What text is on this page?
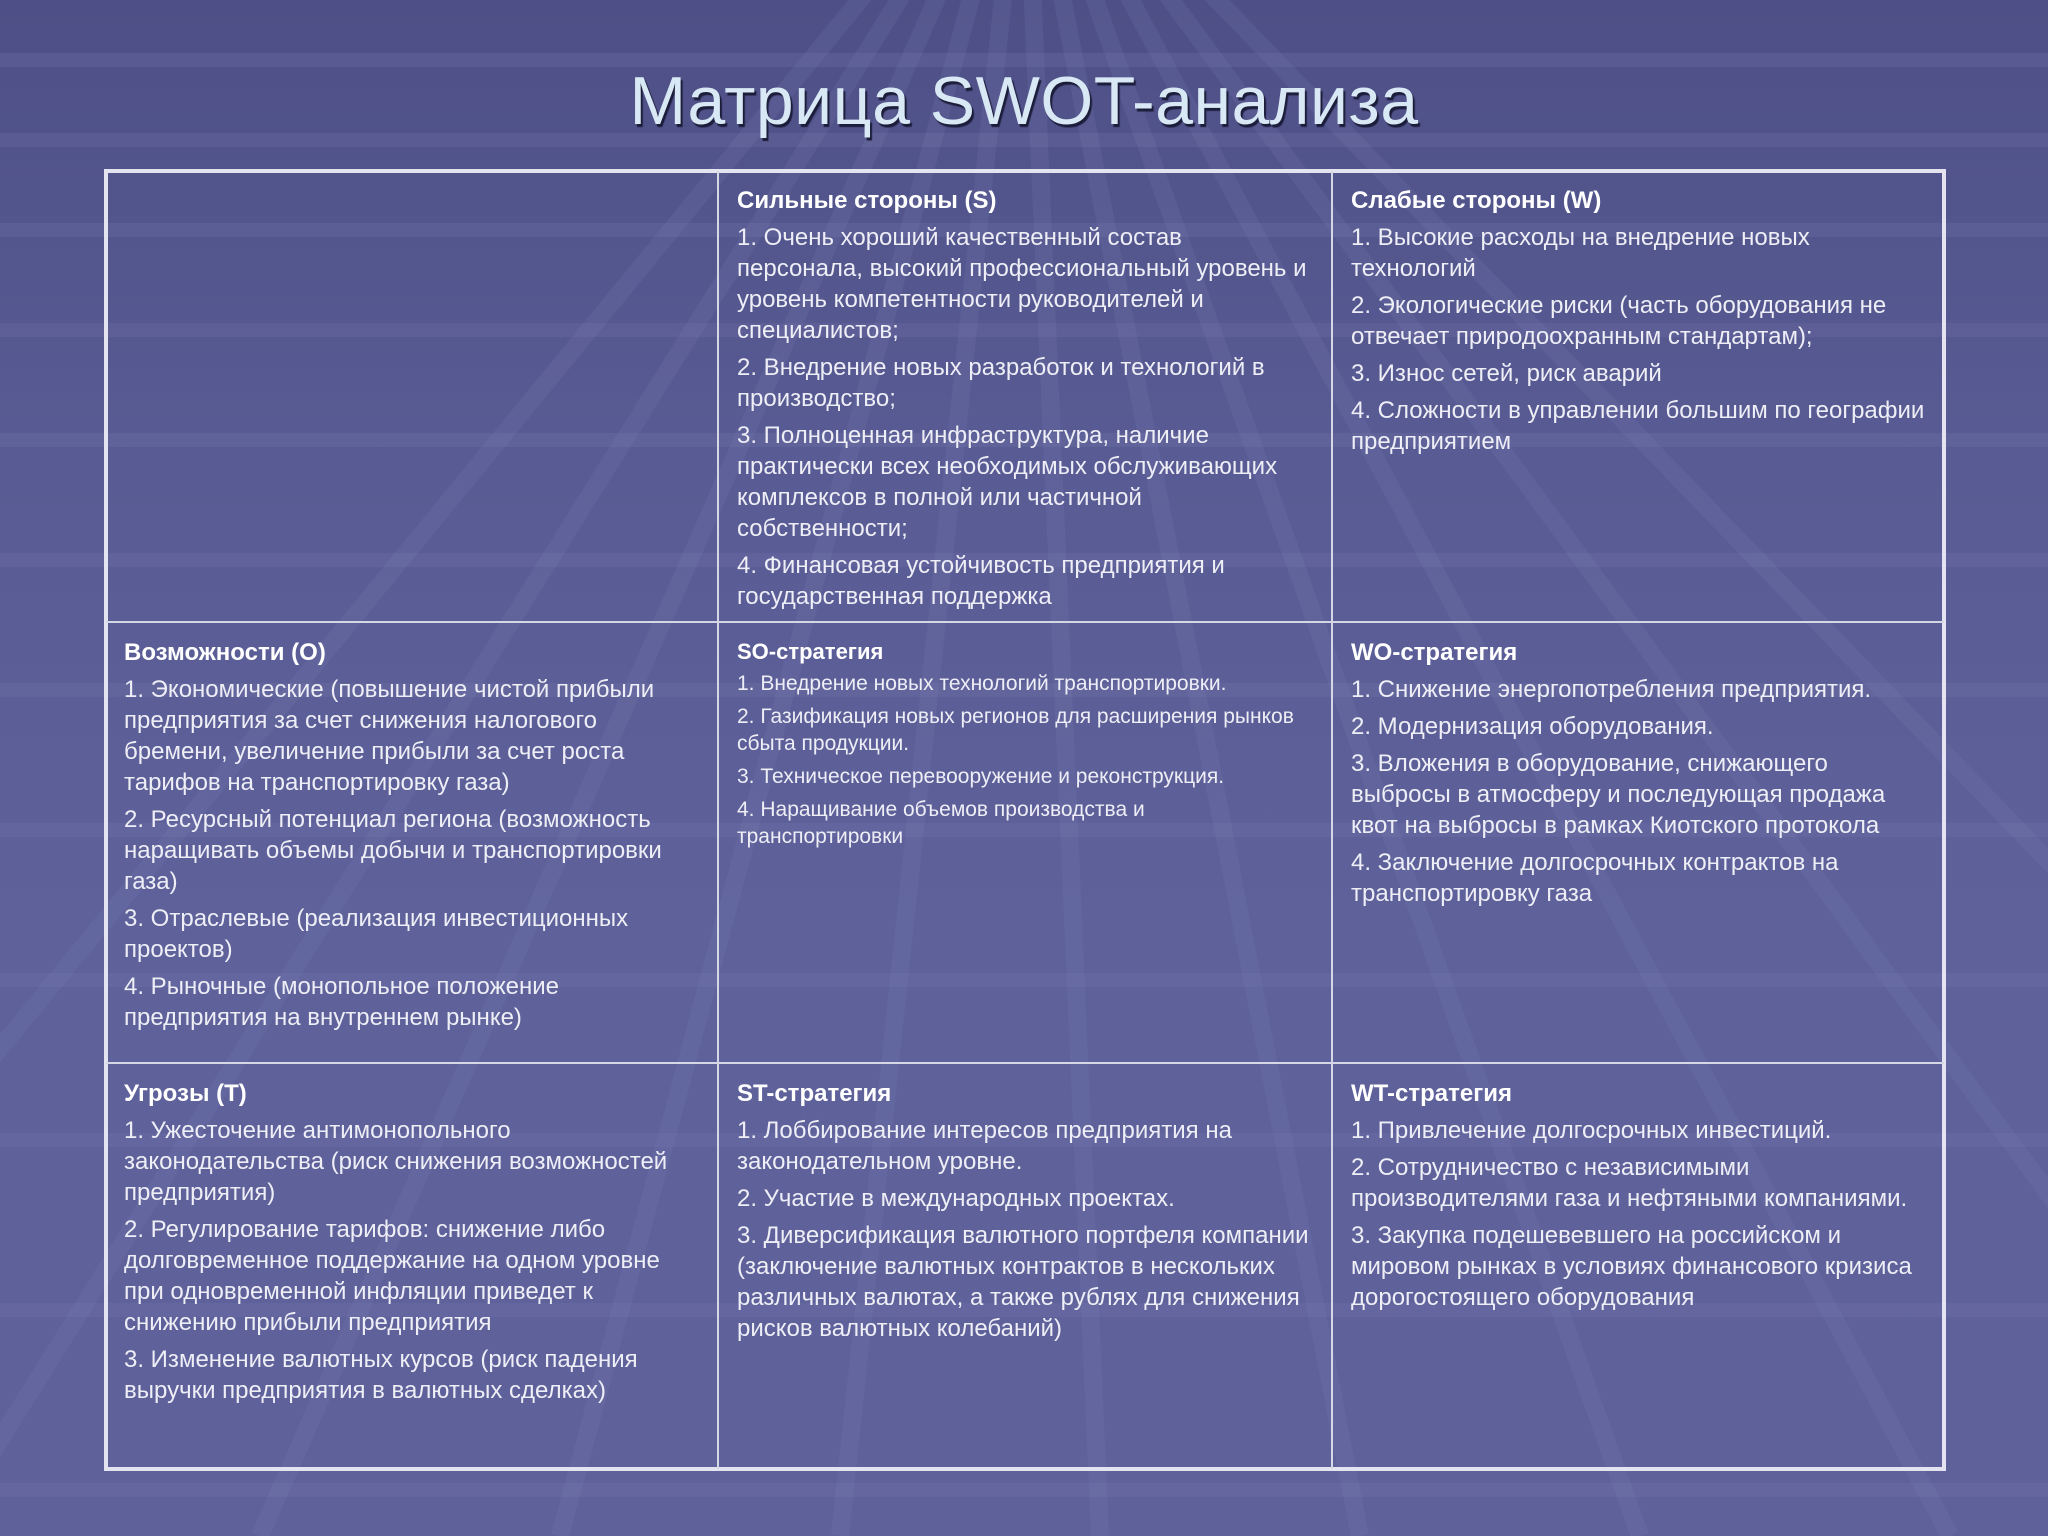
Матрица SWOT-анализа
Сильные стороны (S)
1. Очень хороший качественный состав персонала, высокий профессиональный уровень и уровень компетентности руководителей и специалистов;
2. Внедрение новых разработок и технологий в производство;
3. Полноценная инфраструктура, наличие практически всех необходимых обслуживающих комплексов в полной или частичной собственности;
4. Финансовая устойчивость предприятия и государственная поддержка
Слабые стороны (W)
1. Высокие расходы на внедрение новых технологий
2. Экологические риски (часть оборудования не отвечает природоохранным стандартам);
3. Износ сетей, риск аварий
4. Сложности в управлении большим по географии предприятием
Возможности (O)
1. Экономические (повышение чистой прибыли предприятия за счет снижения налогового бремени, увеличение прибыли за счет роста тарифов на транспортировку газа)
2. Ресурсный потенциал региона (возможность наращивать объемы добычи и транспортировки газа)
3. Отраслевые (реализация инвестиционных проектов)
4. Рыночные (монопольное положение предприятия на внутреннем рынке)
SO-стратегия
1. Внедрение новых технологий транспортировки.
2. Газификация новых регионов для расширения рынков сбыта продукции.
3. Техническое перевооружение и реконструкция.
4. Наращивание объемов производства и транспортировки
WO-стратегия
1. Снижение энергопотребления предприятия.
2. Модернизация оборудования.
3. Вложения в оборудование, снижающего выбросы в атмосферу и последующая продажа квот на выбросы в рамках Киотского протокола
4. Заключение долгосрочных контрактов на транспортировку газа
Угрозы (T)
1. Ужесточение антимонопольного законодательства (риск снижения возможностей предприятия)
2. Регулирование тарифов: снижение либо долговременное поддержание на одном уровне при одновременной инфляции приведет к снижению прибыли предприятия
3. Изменение валютных курсов (риск падения выручки предприятия в валютных сделках)
ST-стратегия
1. Лоббирование интересов предприятия на законодательном уровне.
2. Участие в международных проектах.
3. Диверсификация валютного портфеля компании (заключение валютных контрактов в нескольких различных валютах, а также рублях для снижения рисков валютных колебаний)
WT-стратегия
1. Привлечение долгосрочных инвестиций.
2. Сотрудничество с независимыми производителями газа и нефтяными компаниями.
3. Закупка подешевевшего на российском и мировом рынках в условиях финансового кризиса дорогостоящего оборудования
